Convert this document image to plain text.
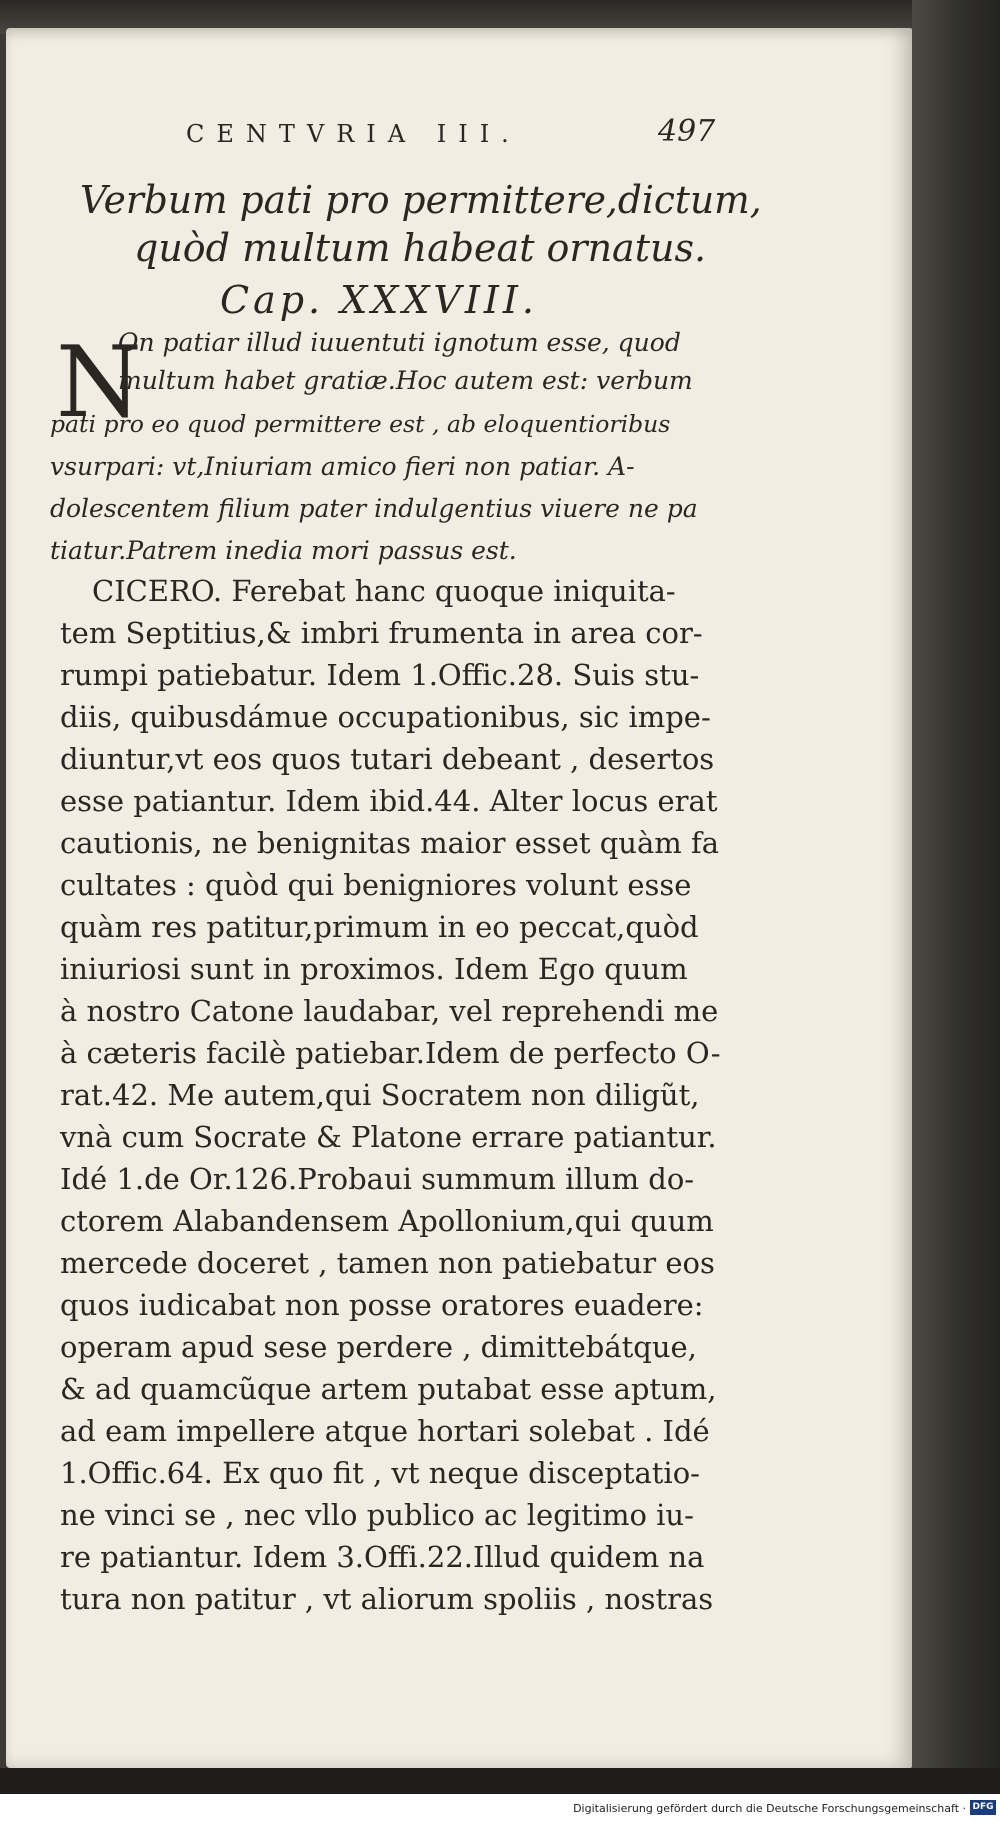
CENTVRIA III.	497
Verbum pati pro permittere,dictum,
quòd multum habeat ornatus.
Cap. XXXVIII.
N
On patiar illud iuuentuti ignotum esse, quod
multum habet gratiæ.Hoc autem est: verbum
pati pro eo quod permittere est , ab eloquentioribus
vsurpari: vt,Iniuriam amico fieri non patiar. A-
dolescentem filium pater indulgentius viuere ne pa
tiatur.Patrem inedia mori passus est.
CICERO. Ferebat hanc quoque iniquita-
tem Septitius,& imbri frumenta in area cor-
rumpi patiebatur. Idem 1.Offic.28. Suis stu-
diis, quibusdámue occupationibus, sic impe-
diuntur,vt eos quos tutari debeant , desertos
esse patiantur. Idem ibid.44. Alter locus erat
cautionis, ne benignitas maior esset quàm fa
cultates : quòd qui benigniores volunt esse
quàm res patitur,primum in eo peccat,quòd
iniuriosi sunt in proximos. Idem Ego quum
à nostro Catone laudabar, vel reprehendi me
à cæteris facilè patiebar.Idem de perfecto O-
rat.42. Me autem,qui Socratem non diligũt,
vnà cum Socrate & Platone errare patiantur.
Idé 1.de Or.126.Probaui summum illum do-
ctorem Alabandensem Apollonium,qui quum
mercede doceret , tamen non patiebatur eos
quos iudicabat non posse oratores euadere:
operam apud sese perdere , dimittebátque,
& ad quamcũque artem putabat esse aptum,
ad eam impellere atque hortari solebat . Idé
1.Offic.64. Ex quo fit , vt neque disceptatio-
ne vinci se , nec vllo publico ac legitimo iu-
re patiantur. Idem 3.Offi.22.Illud quidem na
tura non patitur , vt aliorum spoliis , nostras
Digitalisierung gefördert durch die Deutsche Forschungsgemeinschaft · DFG
